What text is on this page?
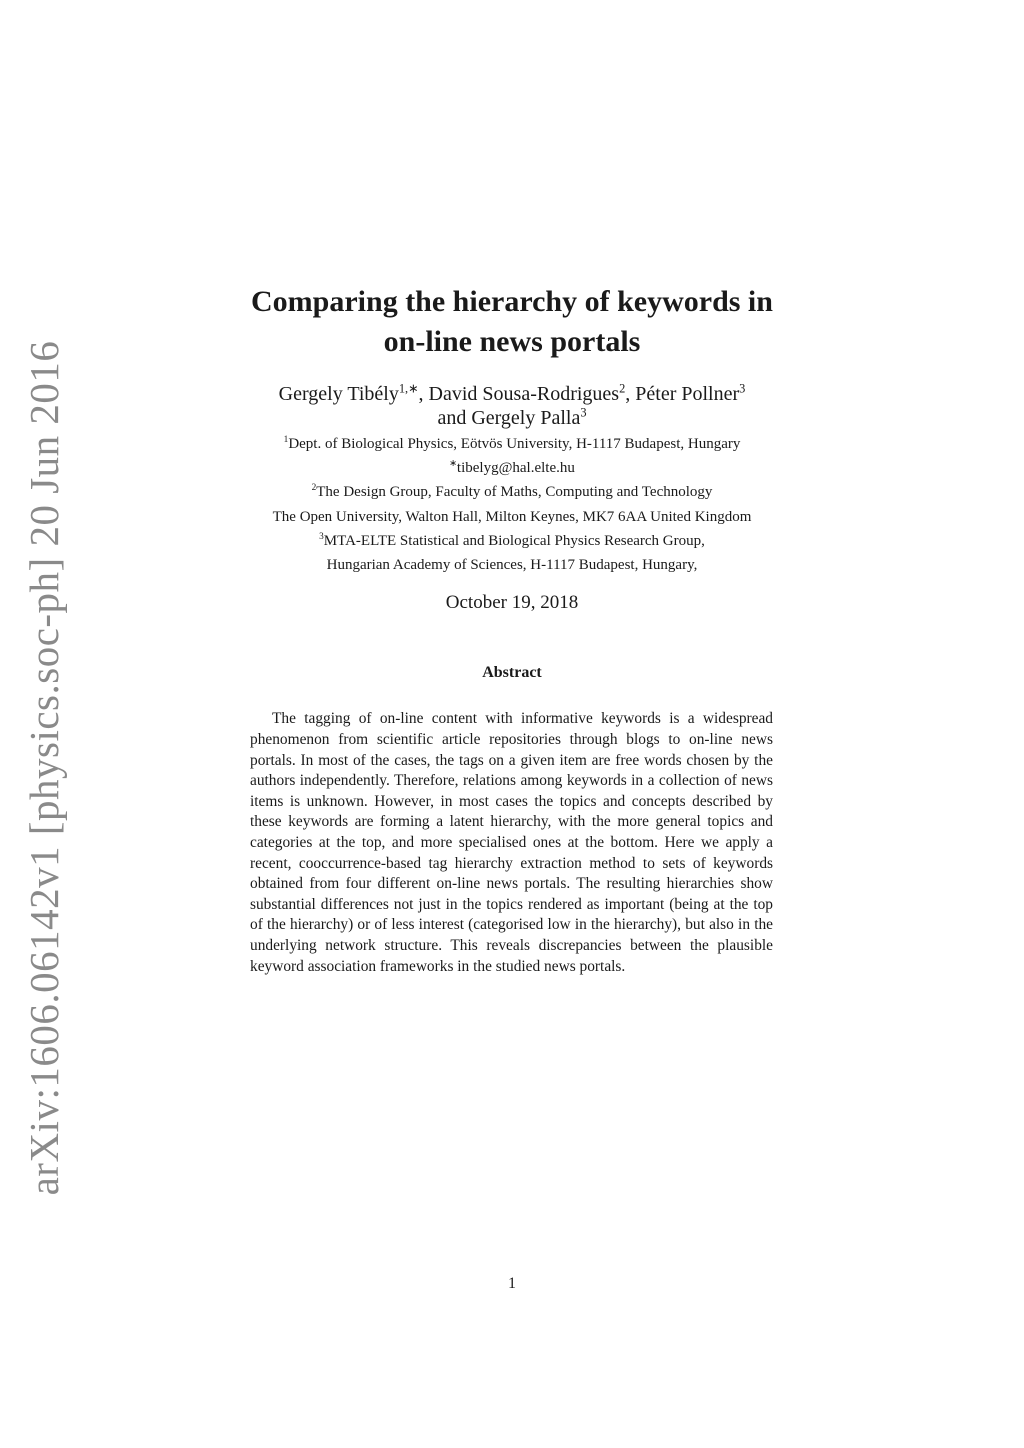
arXiv:1606.06142v1 [physics.soc-ph] 20 Jun 2016
Comparing the hierarchy of keywords in
on-line news portals
Gergely Tibély$^{1,∗}$, David Sousa-Rodrigues$^2$, Péter Pollner$^3$
and Gergely Palla$^3$
$^1$Dept. of Biological Physics, Eötvös University, H-1117 Budapest, Hungary
∗tibelyg@hal.elte.hu
$^2$The Design Group, Faculty of Maths, Computing and Technology
The Open University, Walton Hall, Milton Keynes, MK7 6AA United Kingdom
$^3$MTA-ELTE Statistical and Biological Physics Research Group,
Hungarian Academy of Sciences, H-1117 Budapest, Hungary,
October 19, 2018
Abstract

The tagging of on-line content with informative keywords is a widespread phenomenon from scientific article repositories through blogs to on-line news portals. In most of the cases, the tags on a given item are free words chosen by the authors independently. Therefore, relations among keywords in a collection of news items is unknown. However, in most cases the topics and concepts described by these keywords are forming a latent hierarchy, with the more general topics and categories at the top, and more specialised ones at the bottom. Here we apply a recent, cooccurrence-based tag hierarchy extraction method to sets of keywords obtained from four different on-line news portals. The resulting hierarchies show substantial differences not just in the topics rendered as important (being at the top of the hierarchy) or of less interest (categorised low in the hierarchy), but also in the underlying network structure. This reveals discrepancies between the plausible keyword association frameworks in the studied news portals.

1
